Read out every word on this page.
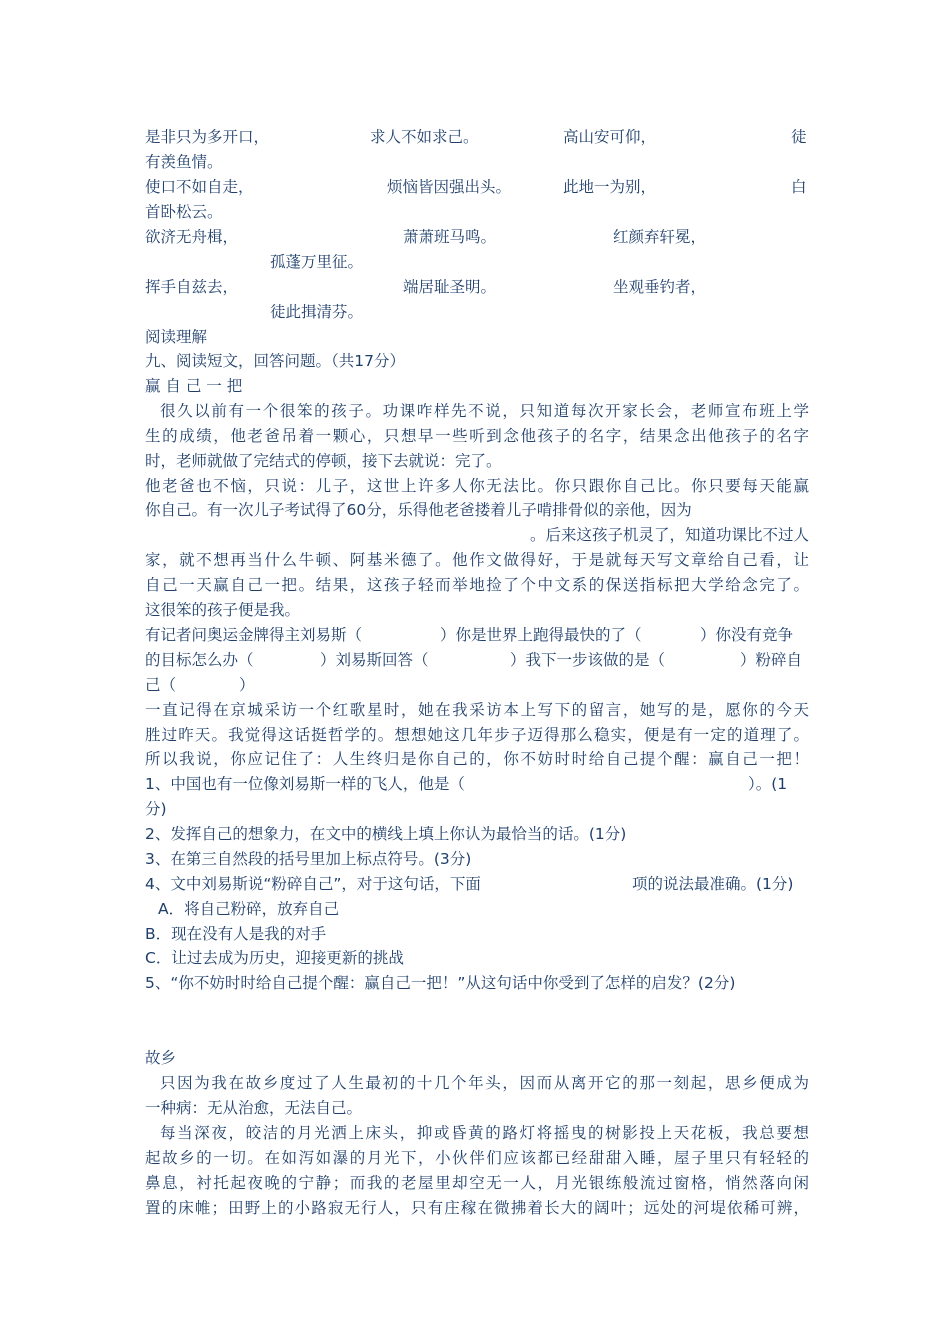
是非只为多开口，	求人不如求己。	高山安可仰，	徒
有羡鱼情。
使口不如自走，	烦恼皆因强出头。	此地一为别，	白
首卧松云。
欲济无舟楫，	萧萧班马鸣。	红颜弃轩冕，
孤蓬万里征。
挥手自兹去，	端居耻圣明。	坐观垂钓者，
徒此揖清芬。
阅读理解
九、阅读短文，回答问题。（共17分）
赢 自 己 一 把
很久以前有一个很笨的孩子。功课咋样先不说，只知道每次开家长会，老师宣布班上学
生的成绩，他老爸吊着一颗心，只想早一些听到念他孩子的名字，结果念出他孩子的名字
时，老师就做了完结式的停顿，接下去就说：完了。
他老爸也不恼，只说：儿子，这世上许多人你无法比。你只跟你自己比。你只要每天能赢
你自己。有一次儿子考试得了60分，乐得他老爸搂着儿子啃排骨似的亲他，因为
。后来这孩子机灵了，知道功课比不过人
家，就不想再当什么牛顿、阿基米德了。他作文做得好，于是就每天写文章给自己看，让
自己一天赢自己一把。结果，这孩子轻而举地捡了个中文系的保送指标把大学给念完了。
这很笨的孩子便是我。
有记者问奥运金牌得主刘易斯（	）你是世界上跑得最快的了（	）你没有竞争
的目标怎么办（	）刘易斯回答（	）我下一步该做的是（	）粉碎自
己（	）
一直记得在京城采访一个红歌星时，她在我采访本上写下的留言，她写的是，愿你的今天
胜过昨天。我觉得这话挺哲学的。想想她这几年步子迈得那么稳实，便是有一定的道理了。
所以我说，你应记住了：人生终归是你自己的，你不妨时时给自己提个醒：赢自己一把！
1、中国也有一位像刘易斯一样的飞人，他是（	）。(1
分)
2、发挥自己的想象力，在文中的横线上填上你认为最恰当的话。(1分)
3、在第三自然段的括号里加上标点符号。(3分)
4、文中刘易斯说“粉碎自己”，对于这句话，下面	项的说法最准确。(1分)
A．将自己粉碎，放弃自己
B．现在没有人是我的对手
C．让过去成为历史，迎接更新的挑战
5、“你不妨时时给自己提个醒：赢自己一把！”从这句话中你受到了怎样的启发？(2分)
故乡
只因为我在故乡度过了人生最初的十几个年头，因而从离开它的那一刻起，思乡便成为
一种病：无从治愈，无法自己。
每当深夜，皎洁的月光洒上床头，抑或昏黄的路灯将摇曳的树影投上天花板，我总要想
起故乡的一切。在如泻如瀑的月光下，小伙伴们应该都已经甜甜入睡，屋子里只有轻轻的
鼻息，衬托起夜晚的宁静；而我的老屋里却空无一人，月光银练般流过窗格，悄然落向闲
置的床帷；田野上的小路寂无行人，只有庄稼在微拂着长大的阔叶；远处的河堤依稀可辨，
